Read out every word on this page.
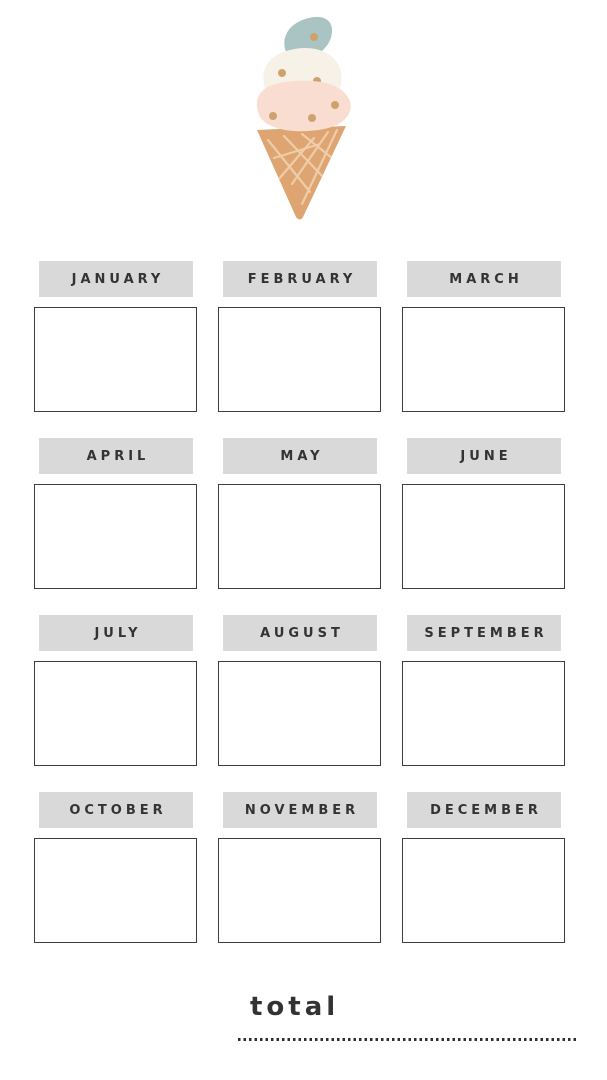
JANUARY	FEBRUARY	MARCH
APRIL	MAY	JUNE
JULY	AUGUST	SEPTEMBER
OCTOBER	NOVEMBER	DECEMBER
total
